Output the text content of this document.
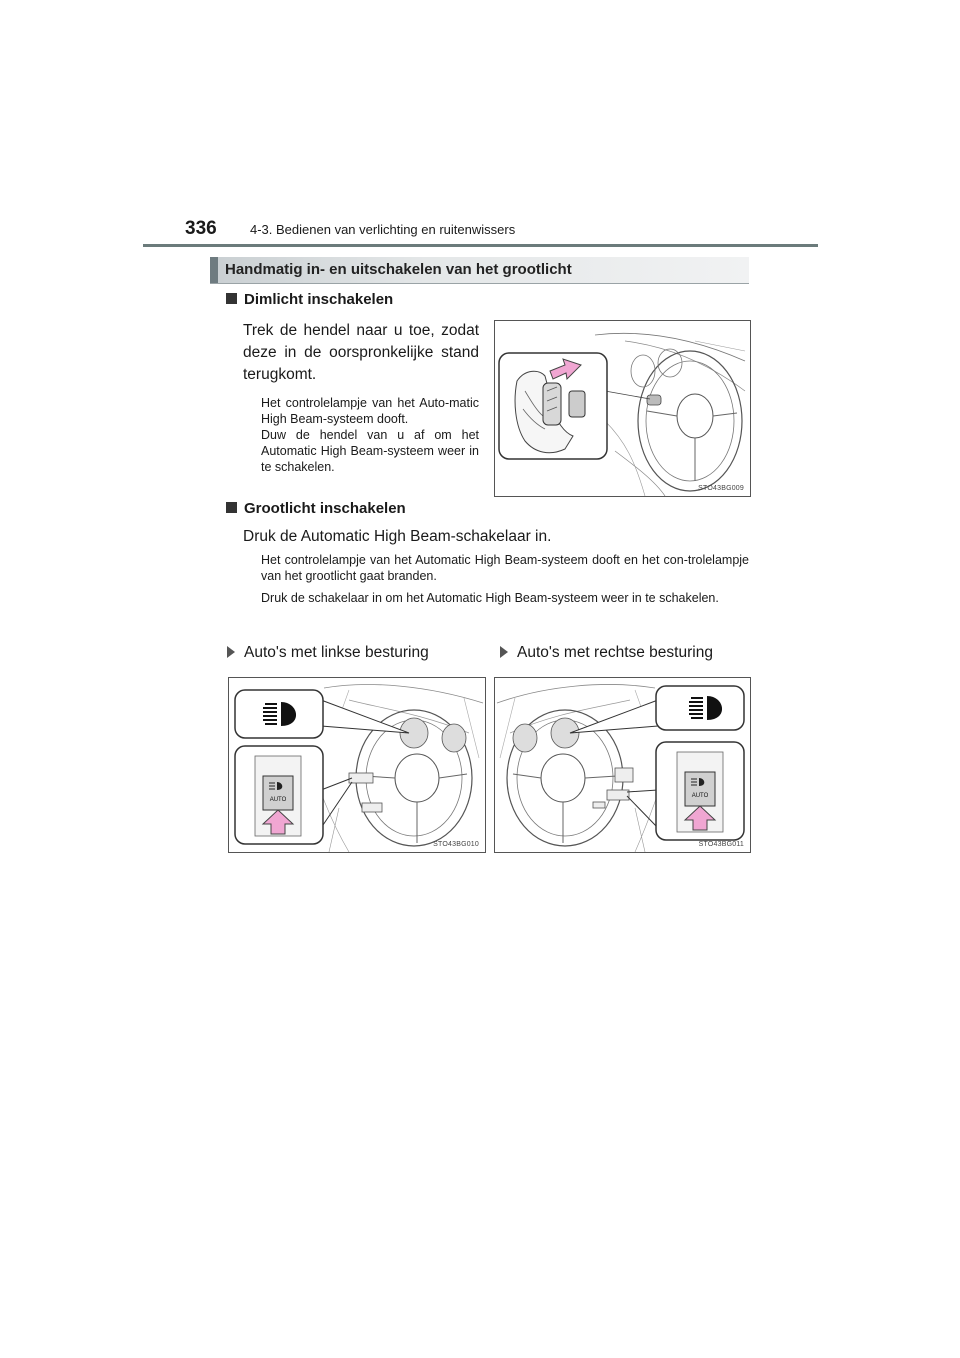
336	4-3. Bedienen van verlichting en ruitenwissers
Handmatig in- en uitschakelen van het grootlicht
Dimlicht inschakelen
Trek de hendel naar u toe, zodat deze in de oorspronkelijke stand terugkomt.
Het controlelampje van het Auto-matic High Beam-systeem dooft.
Duw de hendel van u af om het Automatic High Beam-systeem weer in te schakelen.
STO43BG009
Grootlicht inschakelen
Druk de Automatic High Beam-schakelaar in.
Het controlelampje van het Automatic High Beam-systeem dooft en het con-trolelampje van het grootlicht gaat branden.
Druk de schakelaar in om het Automatic High Beam-systeem weer in te schakelen.
Auto's met linkse besturing	Auto's met rechtse besturing
AUTO
STO43BG010
AUTO
STO43BG011
